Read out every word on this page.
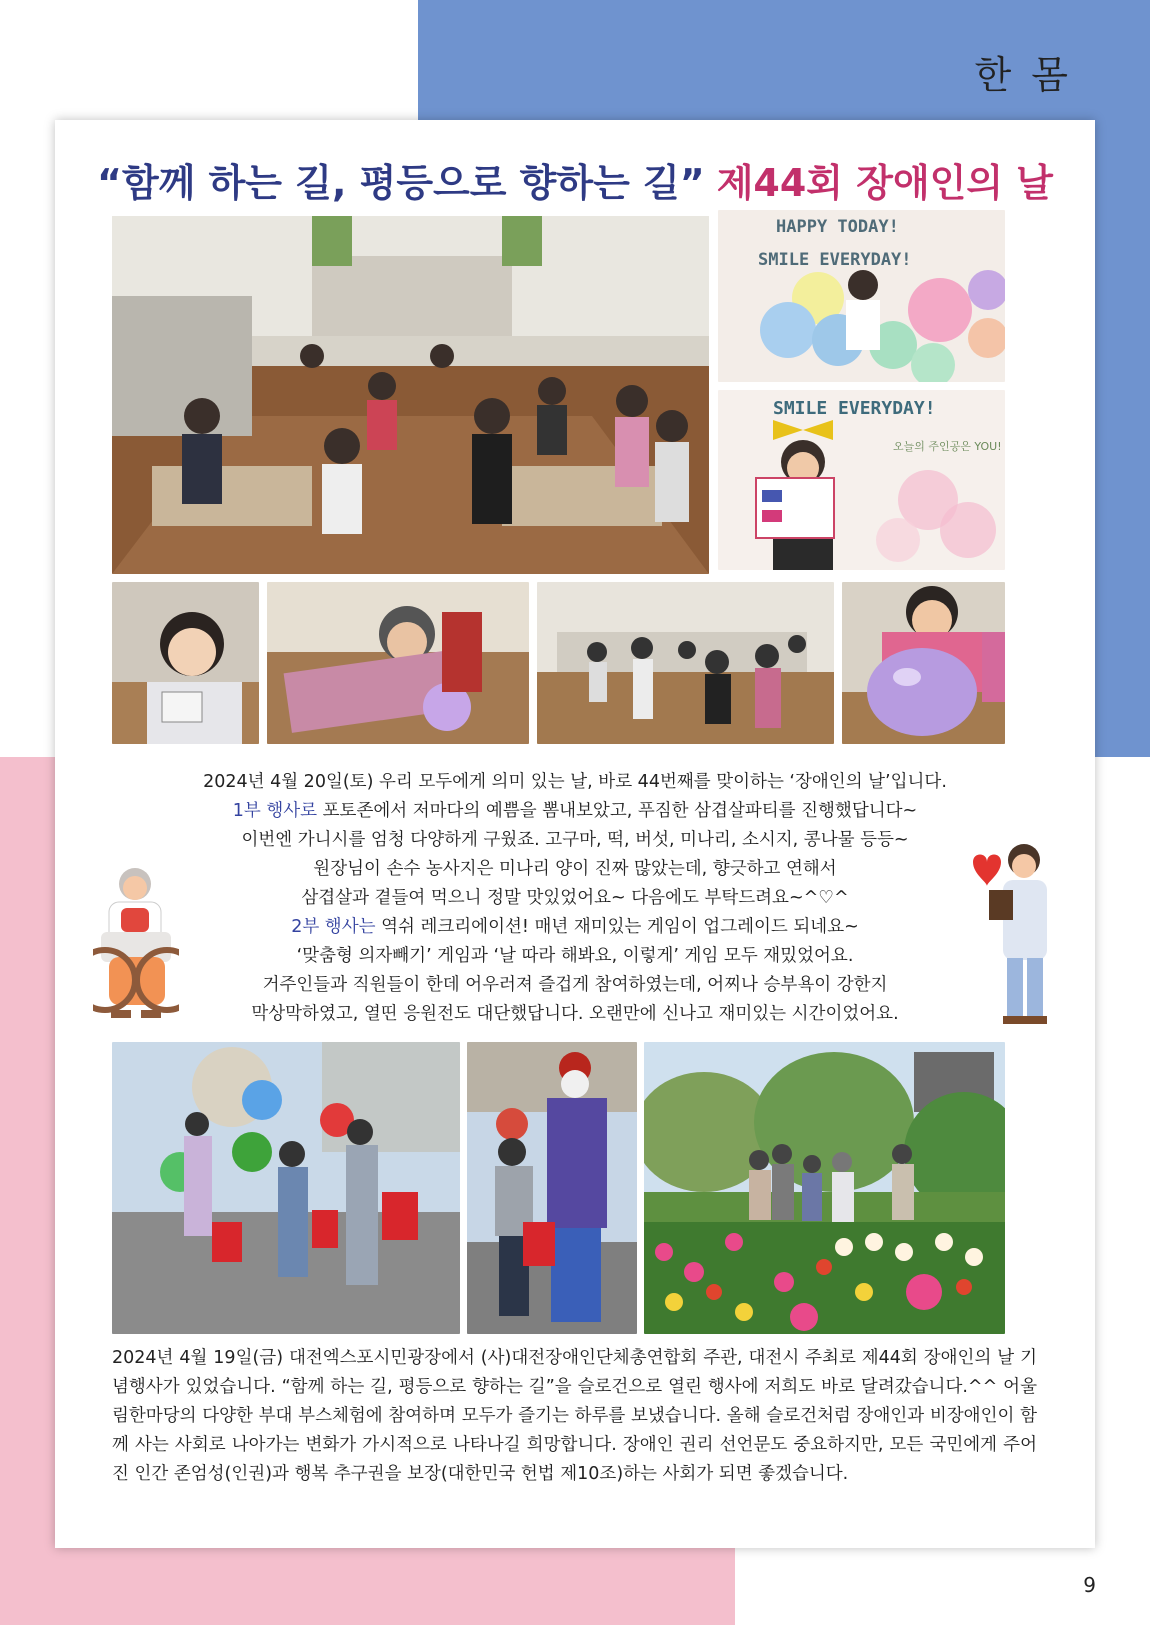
한 몸
9
“함께 하는 길, 평등으로 향하는 길” 제44회 장애인의 날
HAPPY TODAY!
SMILE EVERYDAY!
SMILE EVERYDAY!
오늘의 주인공은 YOU!
2024년 4월 20일(토) 우리 모두에게 의미 있는 날, 바로 44번째를 맞이하는 ‘장애인의 날’입니다.
1부 행사로 포토존에서 저마다의 예쁨을 뽐내보았고, 푸짐한 삼겹살파티를 진행했답니다~
이번엔 가니시를 엄청 다양하게 구웠죠. 고구마, 떡, 버섯, 미나리, 소시지, 콩나물 등등~
원장님이 손수 농사지은 미나리 양이 진짜 많았는데, 향긋하고 연해서
삼겹살과 곁들여 먹으니 정말 맛있었어요~ 다음에도 부탁드려요~^♡^
2부 행사는 역쉬 레크리에이션! 매년 재미있는 게임이 업그레이드 되네요~
‘맞춤형 의자빼기’ 게임과 ‘날 따라 해봐요, 이렇게’ 게임 모두 재밌었어요.
거주인들과 직원들이 한데 어우러져 즐겁게 참여하였는데, 어찌나 승부욕이 강한지
막상막하였고, 열띤 응원전도 대단했답니다. 오랜만에 신나고 재미있는 시간이었어요.
2024년 4월 19일(금) 대전엑스포시민광장에서 (사)대전장애인단체총연합회 주관, 대전시 주최로 제44회 장애인의 날 기념행사가 있었습니다. “함께 하는 길, 평등으로 향하는 길”을 슬로건으로 열린 행사에 저희도 바로 달려갔습니다.^^ 어울림한마당의 다양한 부대 부스체험에 참여하며 모두가 즐기는 하루를 보냈습니다. 올해 슬로건처럼 장애인과 비장애인이 함께 사는 사회로 나아가는 변화가 가시적으로 나타나길 희망합니다. 장애인 권리 선언문도 중요하지만, 모든 국민에게 주어진 인간 존엄성(인권)과 행복 추구권을 보장(대한민국 헌법 제10조)하는 사회가 되면 좋겠습니다.
